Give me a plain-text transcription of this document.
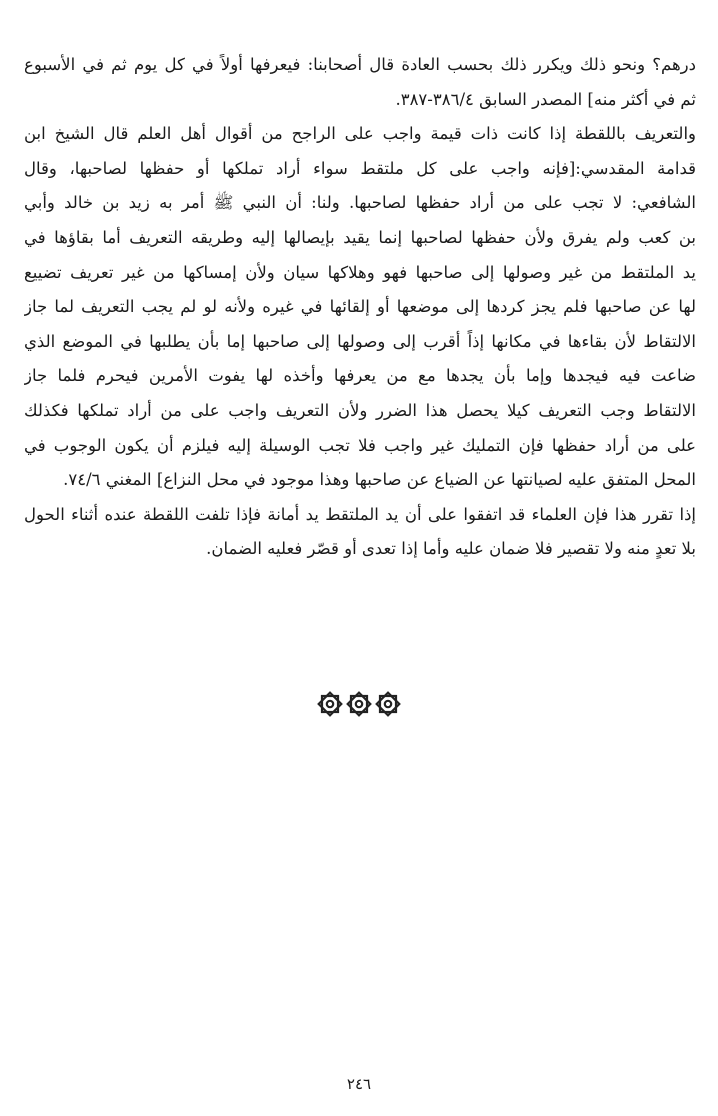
درهم؟ ونحو ذلك ويكرر ذلك بحسب العادة قال أصحابنا: فيعرفها أولاً في كل يوم ثم في الأسبوع
ثم في أكثر منه] المصدر السابق ٣٨٦/٤-٣٨٧.
والتعريف باللقطة إذا كانت ذات قيمة واجب على الراجح من أقوال أهل العلم قال الشيخ ابن
قدامة المقدسي:[فإنه واجب على كل ملتقط سواء أراد تملكها أو حفظها لصاحبها، وقال
الشافعي: لا تجب على من أراد حفظها لصاحبها. ولنا: أن النبي ﷺ أمر به زيد بن خالد وأبي
بن كعب ولم يفرق ولأن حفظها لصاحبها إنما يقيد بإيصالها إليه وطريقه التعريف أما بقاؤها في
يد الملتقط من غير وصولها إلى صاحبها فهو وهلاكها سيان ولأن إمساكها من غير تعريف تضييع
لها عن صاحبها فلم يجز كردها إلى موضعها أو إلقائها في غيره ولأنه لو لم يجب التعريف لما جاز
الالتقاط لأن بقاءها في مكانها إذاً أقرب إلى وصولها إلى صاحبها إما بأن يطلبها في الموضع الذي
ضاعت فيه فيجدها وإما بأن يجدها مع من يعرفها وأخذه لها يفوت الأمرين فيحرم فلما جاز
الالتقاط وجب التعريف كيلا يحصل هذا الضرر ولأن التعريف واجب على من أراد تملكها فكذلك
على من أراد حفظها فإن التمليك غير واجب فلا تجب الوسيلة إليه فيلزم أن يكون الوجوب في
المحل المتفق عليه لصيانتها عن الضياع عن صاحبها وهذا موجود في محل النزاع] المغني ٧٤/٦.
إذا تقرر هذا فإن العلماء قد اتفقوا على أن يد الملتقط يد أمانة فإذا تلفت اللقطة عنده أثناء الحول
بلا تعدٍ منه ولا تقصير فلا ضمان عليه وأما إذا تعدى أو قصّر فعليه الضمان.

٢٤٦
